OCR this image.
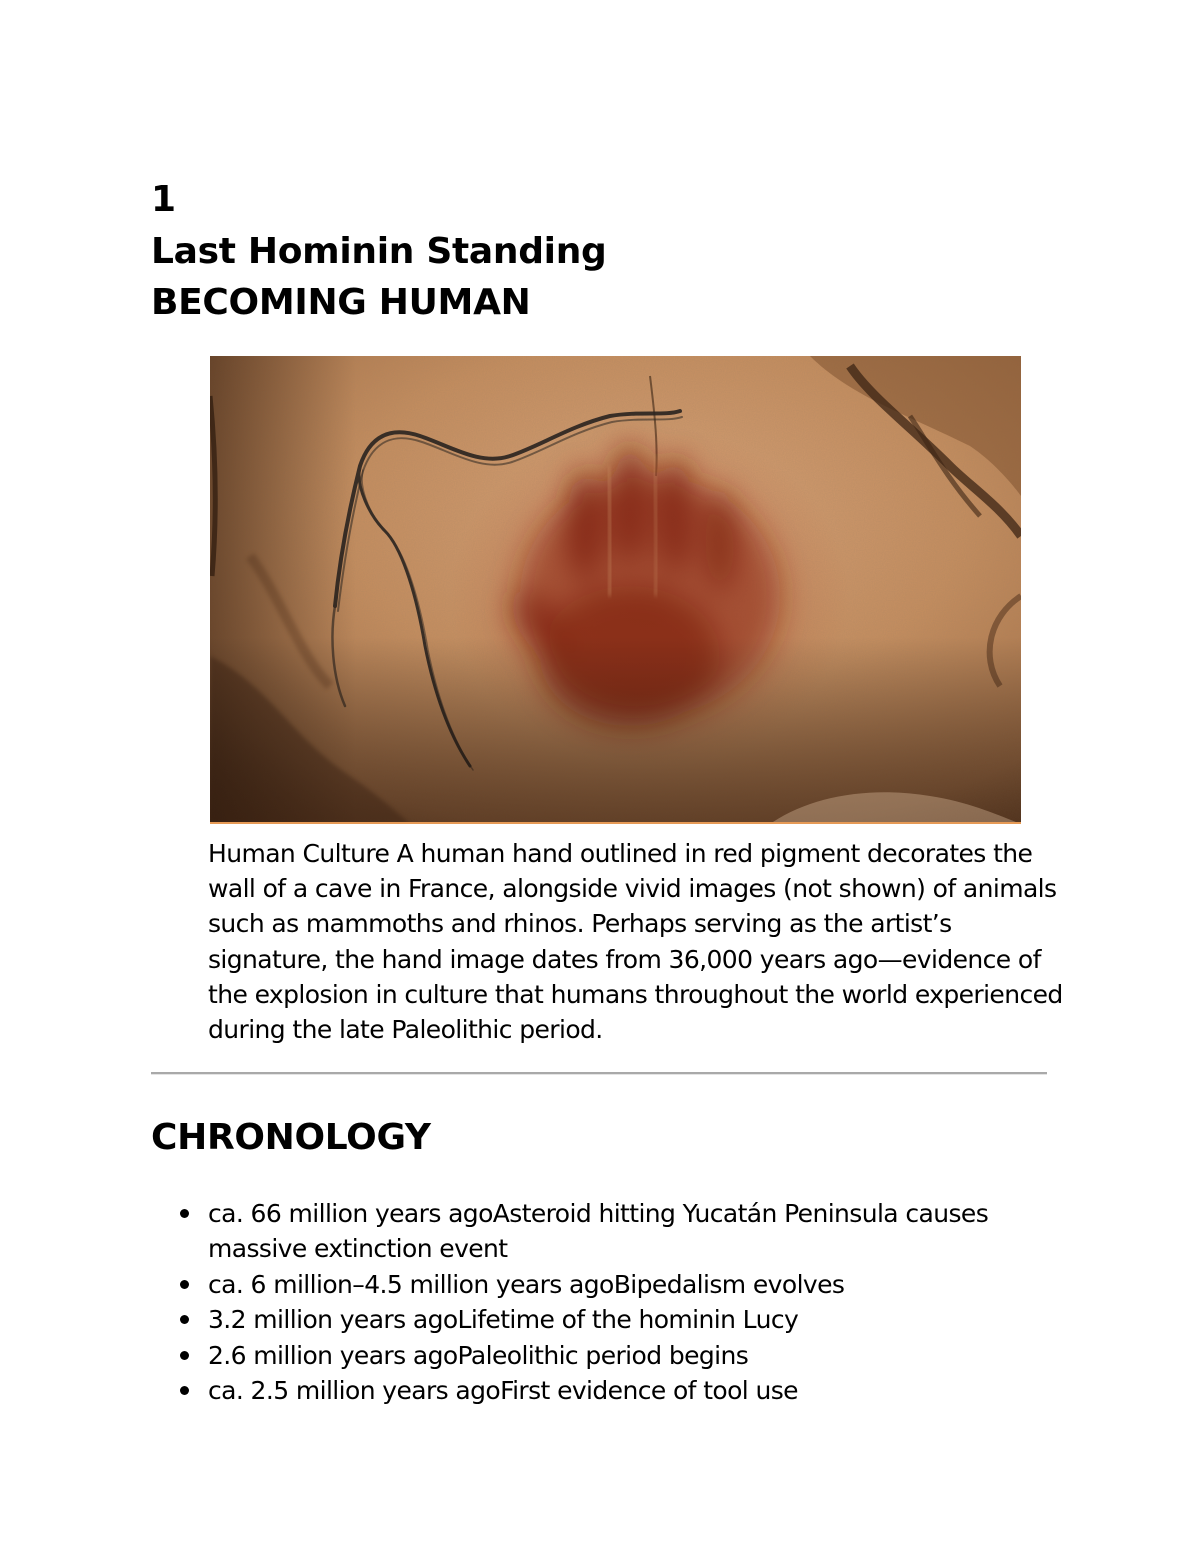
1
Last Hominin Standing
BECOMING HUMAN

Human Culture A human hand outlined in red pigment decorates the wall of a cave in France, alongside vivid images (not shown) of animals such as mammoths and rhinos. Perhaps serving as the artist’s signature, the hand image dates from 36,000 years ago—evidence of the explosion in culture that humans throughout the world experienced during the late Paleolithic period.

CHRONOLOGY
ca. 66 million years agoAsteroid hitting Yucatán Peninsula causes massive extinction event
ca. 6 million–4.5 million years agoBipedalism evolves
3.2 million years agoLifetime of the hominin Lucy
2.6 million years agoPaleolithic period begins
ca. 2.5 million years agoFirst evidence of tool use
